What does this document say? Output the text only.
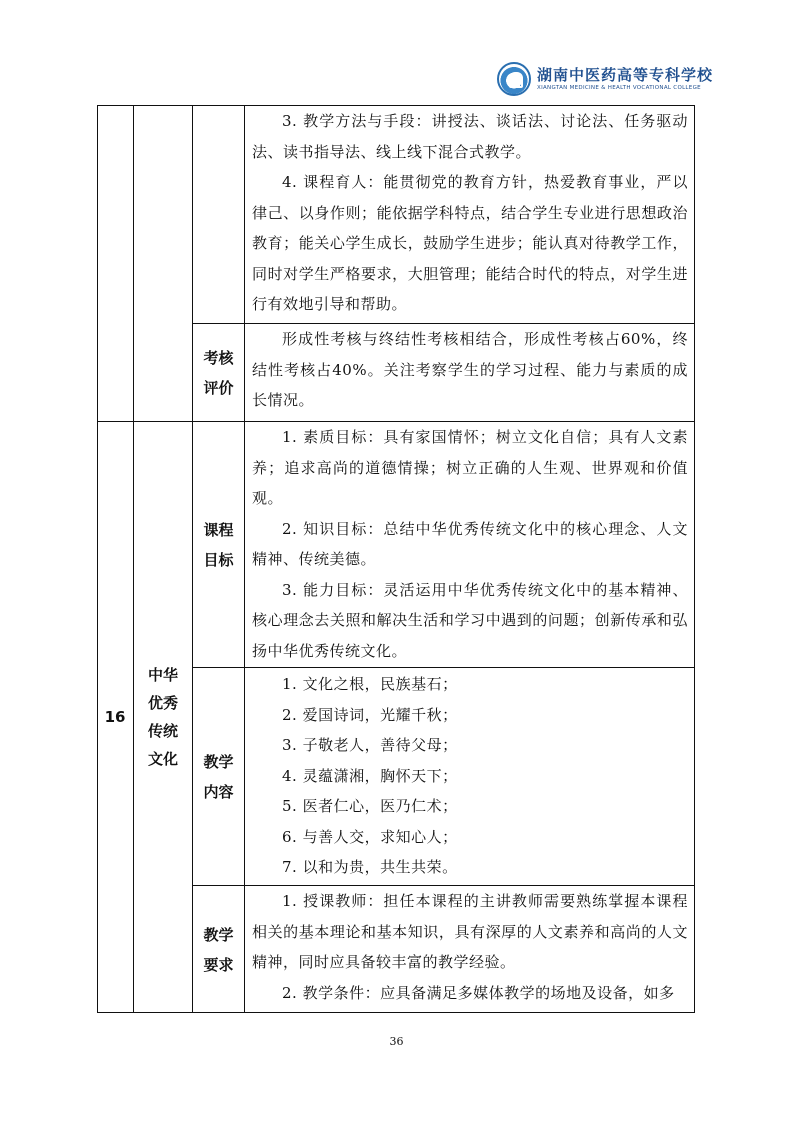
湖南中医药高等专科学校
XIANGTAN MEDICINE & HEALTH VOCATIONAL COLLEGE

3. 教学方法与手段：讲授法、谈话法、讨论法、任务驱动法、读书指导法、线上线下混合式教学。

4. 课程育人：能贯彻党的教育方针，热爱教育事业，严以律己、以身作则；能依据学科特点，结合学生专业进行思想政治教育；能关心学生成长，鼓励学生进步；能认真对待教学工作，同时对学生严格要求，大胆管理；能结合时代的特点，对学生进行有效地引导和帮助。

考核
评价

形成性考核与终结性考核相结合，形成性考核占60%，终结性考核占40%。关注考察学生的学习过程、能力与素质的成长情况。

16
中华
优秀
传统
文化
课程
目标

1. 素质目标：具有家国情怀；树立文化自信；具有人文素养；追求高尚的道德情操；树立正确的人生观、世界观和价值观。

2. 知识目标：总结中华优秀传统文化中的核心理念、人文精神、传统美德。

3. 能力目标：灵活运用中华优秀传统文化中的基本精神、核心理念去关照和解决生活和学习中遇到的问题；创新传承和弘扬中华优秀传统文化。

教学
内容

1. 文化之根，民族基石；

2. 爱国诗词，光耀千秋；

3. 子敬老人，善待父母；

4. 灵蕴潇湘，胸怀天下；

5. 医者仁心，医乃仁术；

6. 与善人交，求知心人；

7. 以和为贵，共生共荣。

教学
要求

1. 授课教师：担任本课程的主讲教师需要熟练掌握本课程相关的基本理论和基本知识，具有深厚的人文素养和高尚的人文精神，同时应具备较丰富的教学经验。

2. 教学条件：应具备满足多媒体教学的场地及设备，如多

36
